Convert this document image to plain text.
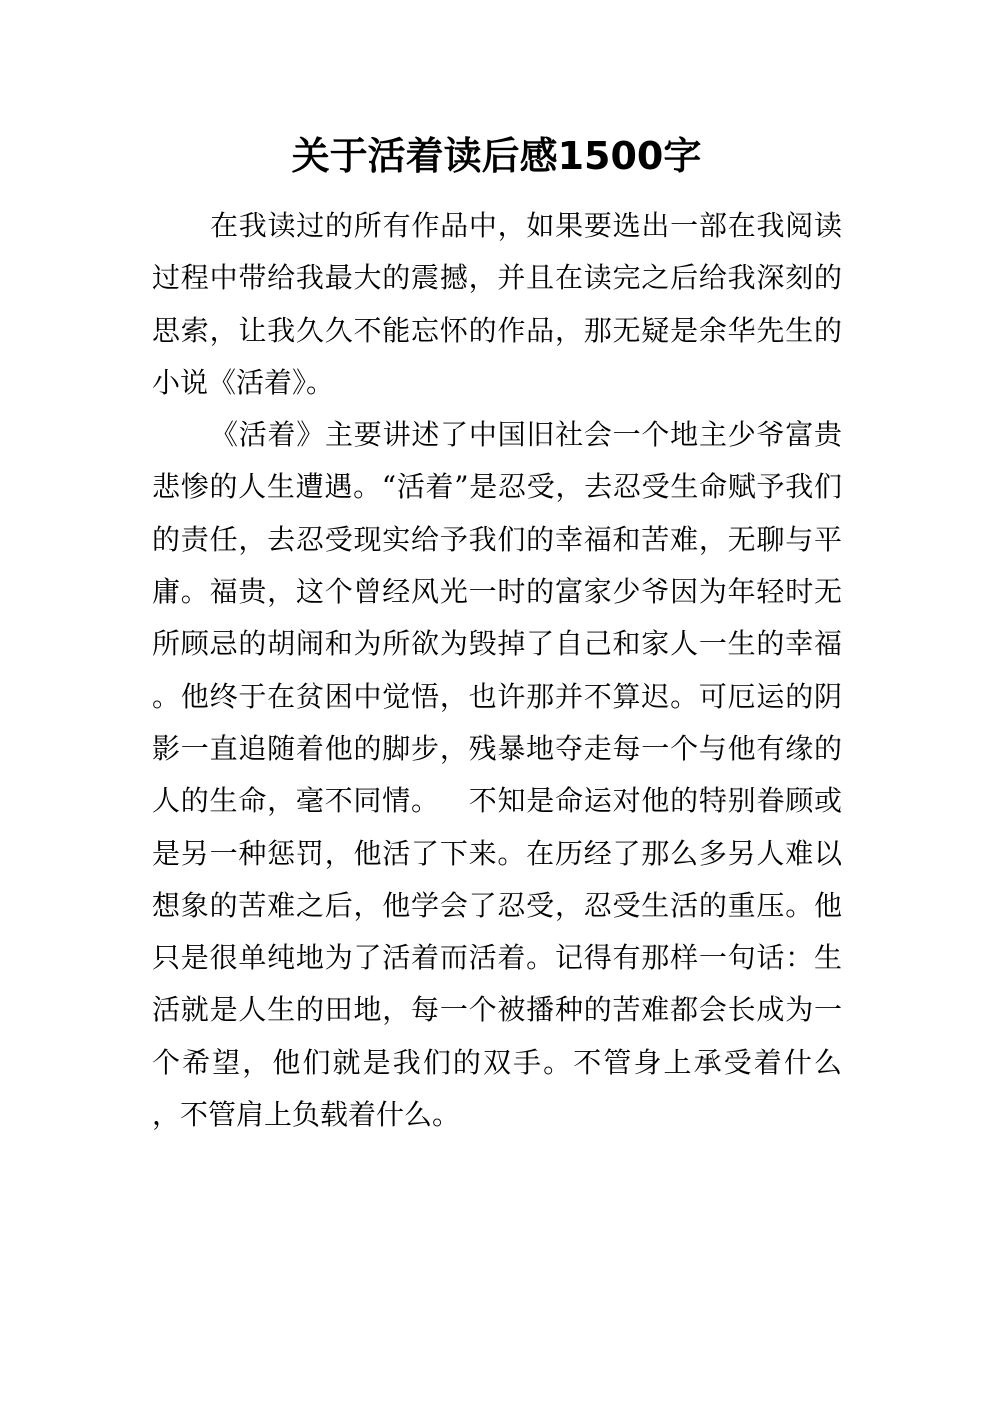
关于活着读后感1500字

在我读过的所有作品中，如果要选出一部在我阅读过程中带给我最大的震撼，并且在读完之后给我深刻的思索，让我久久不能忘怀的作品，那无疑是余华先生的小说《活着》。

《活着》主要讲述了中国旧社会一个地主少爷富贵悲惨的人生遭遇。“活着”是忍受，去忍受生命赋予我们的责任，去忍受现实给予我们的幸福和苦难，无聊与平庸。福贵，这个曾经风光一时的富家少爷因为年轻时无所顾忌的胡闹和为所欲为毁掉了自己和家人一生的幸福。他终于在贫困中觉悟，也许那并不算迟。可厄运的阴影一直追随着他的脚步，残暴地夺走每一个与他有缘的人的生命，毫不同情。   不知是命运对他的特别眷顾或是另一种惩罚，他活了下来。在历经了那么多另人难以想象的苦难之后，他学会了忍受，忍受生活的重压。他只是很单纯地为了活着而活着。记得有那样一句话：生活就是人生的田地，每一个被播种的苦难都会长成为一个希望，他们就是我们的双手。不管身上承受着什么   ，不管肩上负载着什么。
